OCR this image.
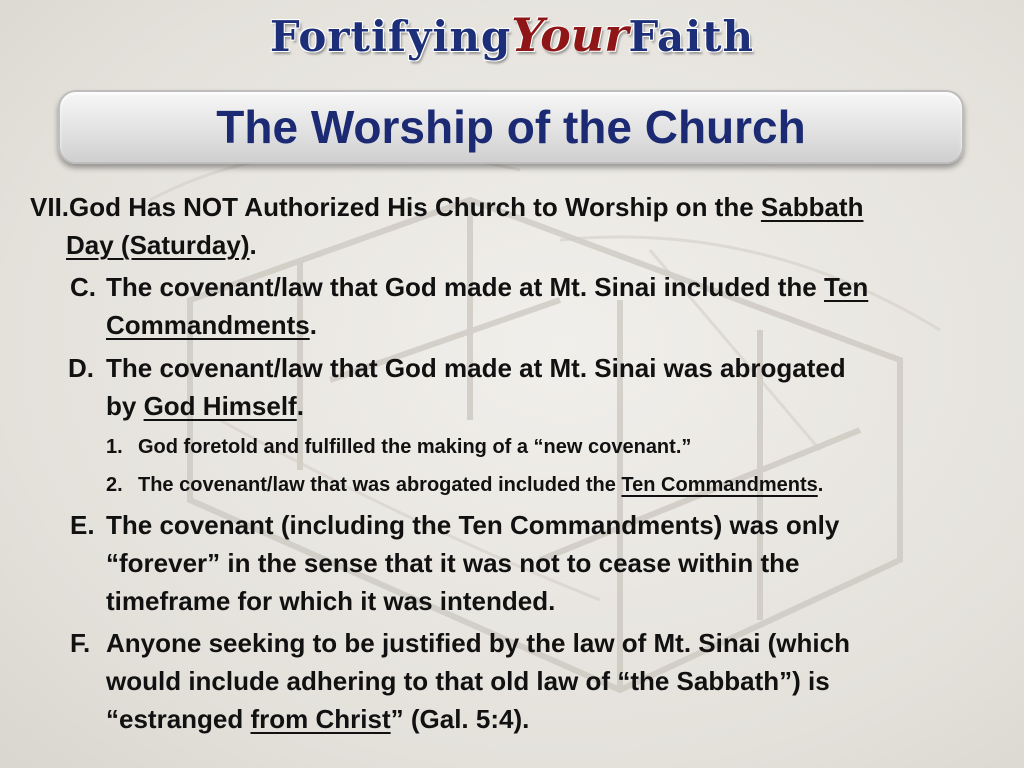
FortifyingYourFaith
The Worship of the Church
VII.God Has NOT Authorized His Church to Worship on the Sabbath
Day (Saturday).
C. The covenant/law that God made at Mt. Sinai included the Ten
Commandments.
D. The covenant/law that God made at Mt. Sinai was abrogated
by God Himself.
1. God foretold and fulfilled the making of a “new covenant.”
2. The covenant/law that was abrogated included the Ten Commandments.
E. The covenant (including the Ten Commandments) was only
“forever” in the sense that it was not to cease within the
timeframe for which it was intended.
F. Anyone seeking to be justified by the law of Mt. Sinai (which
would include adhering to that old law of “the Sabbath”) is
“estranged from Christ” (Gal. 5:4).
